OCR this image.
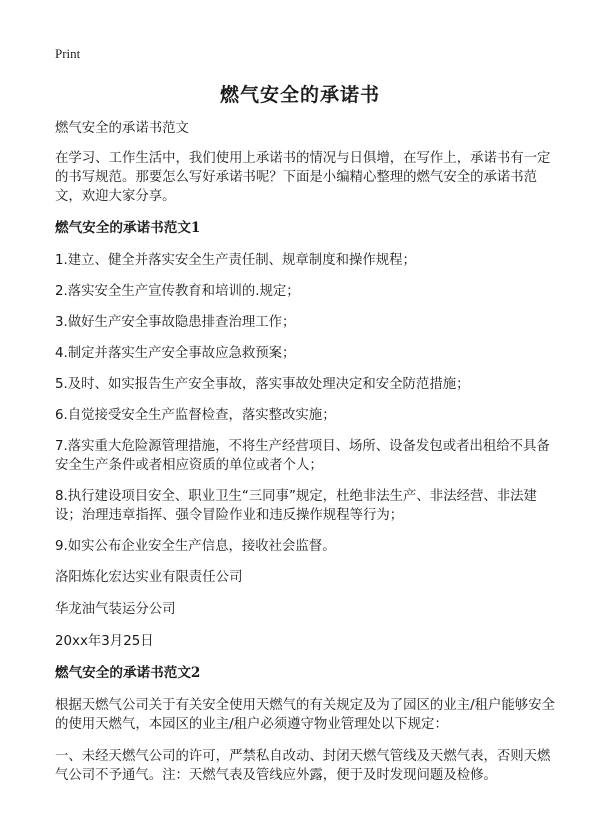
Print
燃气安全的承诺书
燃气安全的承诺书范文
在学习、工作生活中，我们使用上承诺书的情况与日俱增，在写作上，承诺书有一定的书写规范。那要怎么写好承诺书呢？下面是小编精心整理的燃气安全的承诺书范文，欢迎大家分享。
燃气安全的承诺书范文1
1.建立、健全并落实安全生产责任制、规章制度和操作规程；
2.落实安全生产宣传教育和培训的.规定；
3.做好生产安全事故隐患排查治理工作；
4.制定并落实生产安全事故应急救预案；
5.及时、如实报告生产安全事故，落实事故处理决定和安全防范措施；
6.自觉接受安全生产监督检查，落实整改实施；
7.落实重大危险源管理措施，不将生产经营项目、场所、设备发包或者出租给不具备安全生产条件或者相应资质的单位或者个人；
8.执行建设项目安全、职业卫生“三同事”规定，杜绝非法生产、非法经营、非法建设；治理违章指挥、强令冒险作业和违反操作规程等行为；
9.如实公布企业安全生产信息，接收社会监督。
洛阳炼化宏达实业有限责任公司
华龙油气装运分公司
20xx年3月25日
燃气安全的承诺书范文2
根据天燃气公司关于有关安全使用天燃气的有关规定及为了园区的业主/租户能够安全的使用天燃气，本园区的业主/租户必须遵守物业管理处以下规定：
一、未经天燃气公司的许可，严禁私自改动、封闭天燃气管线及天燃气表，否则天燃气公司不予通气。注：天燃气表及管线应外露，便于及时发现问题及检修。
